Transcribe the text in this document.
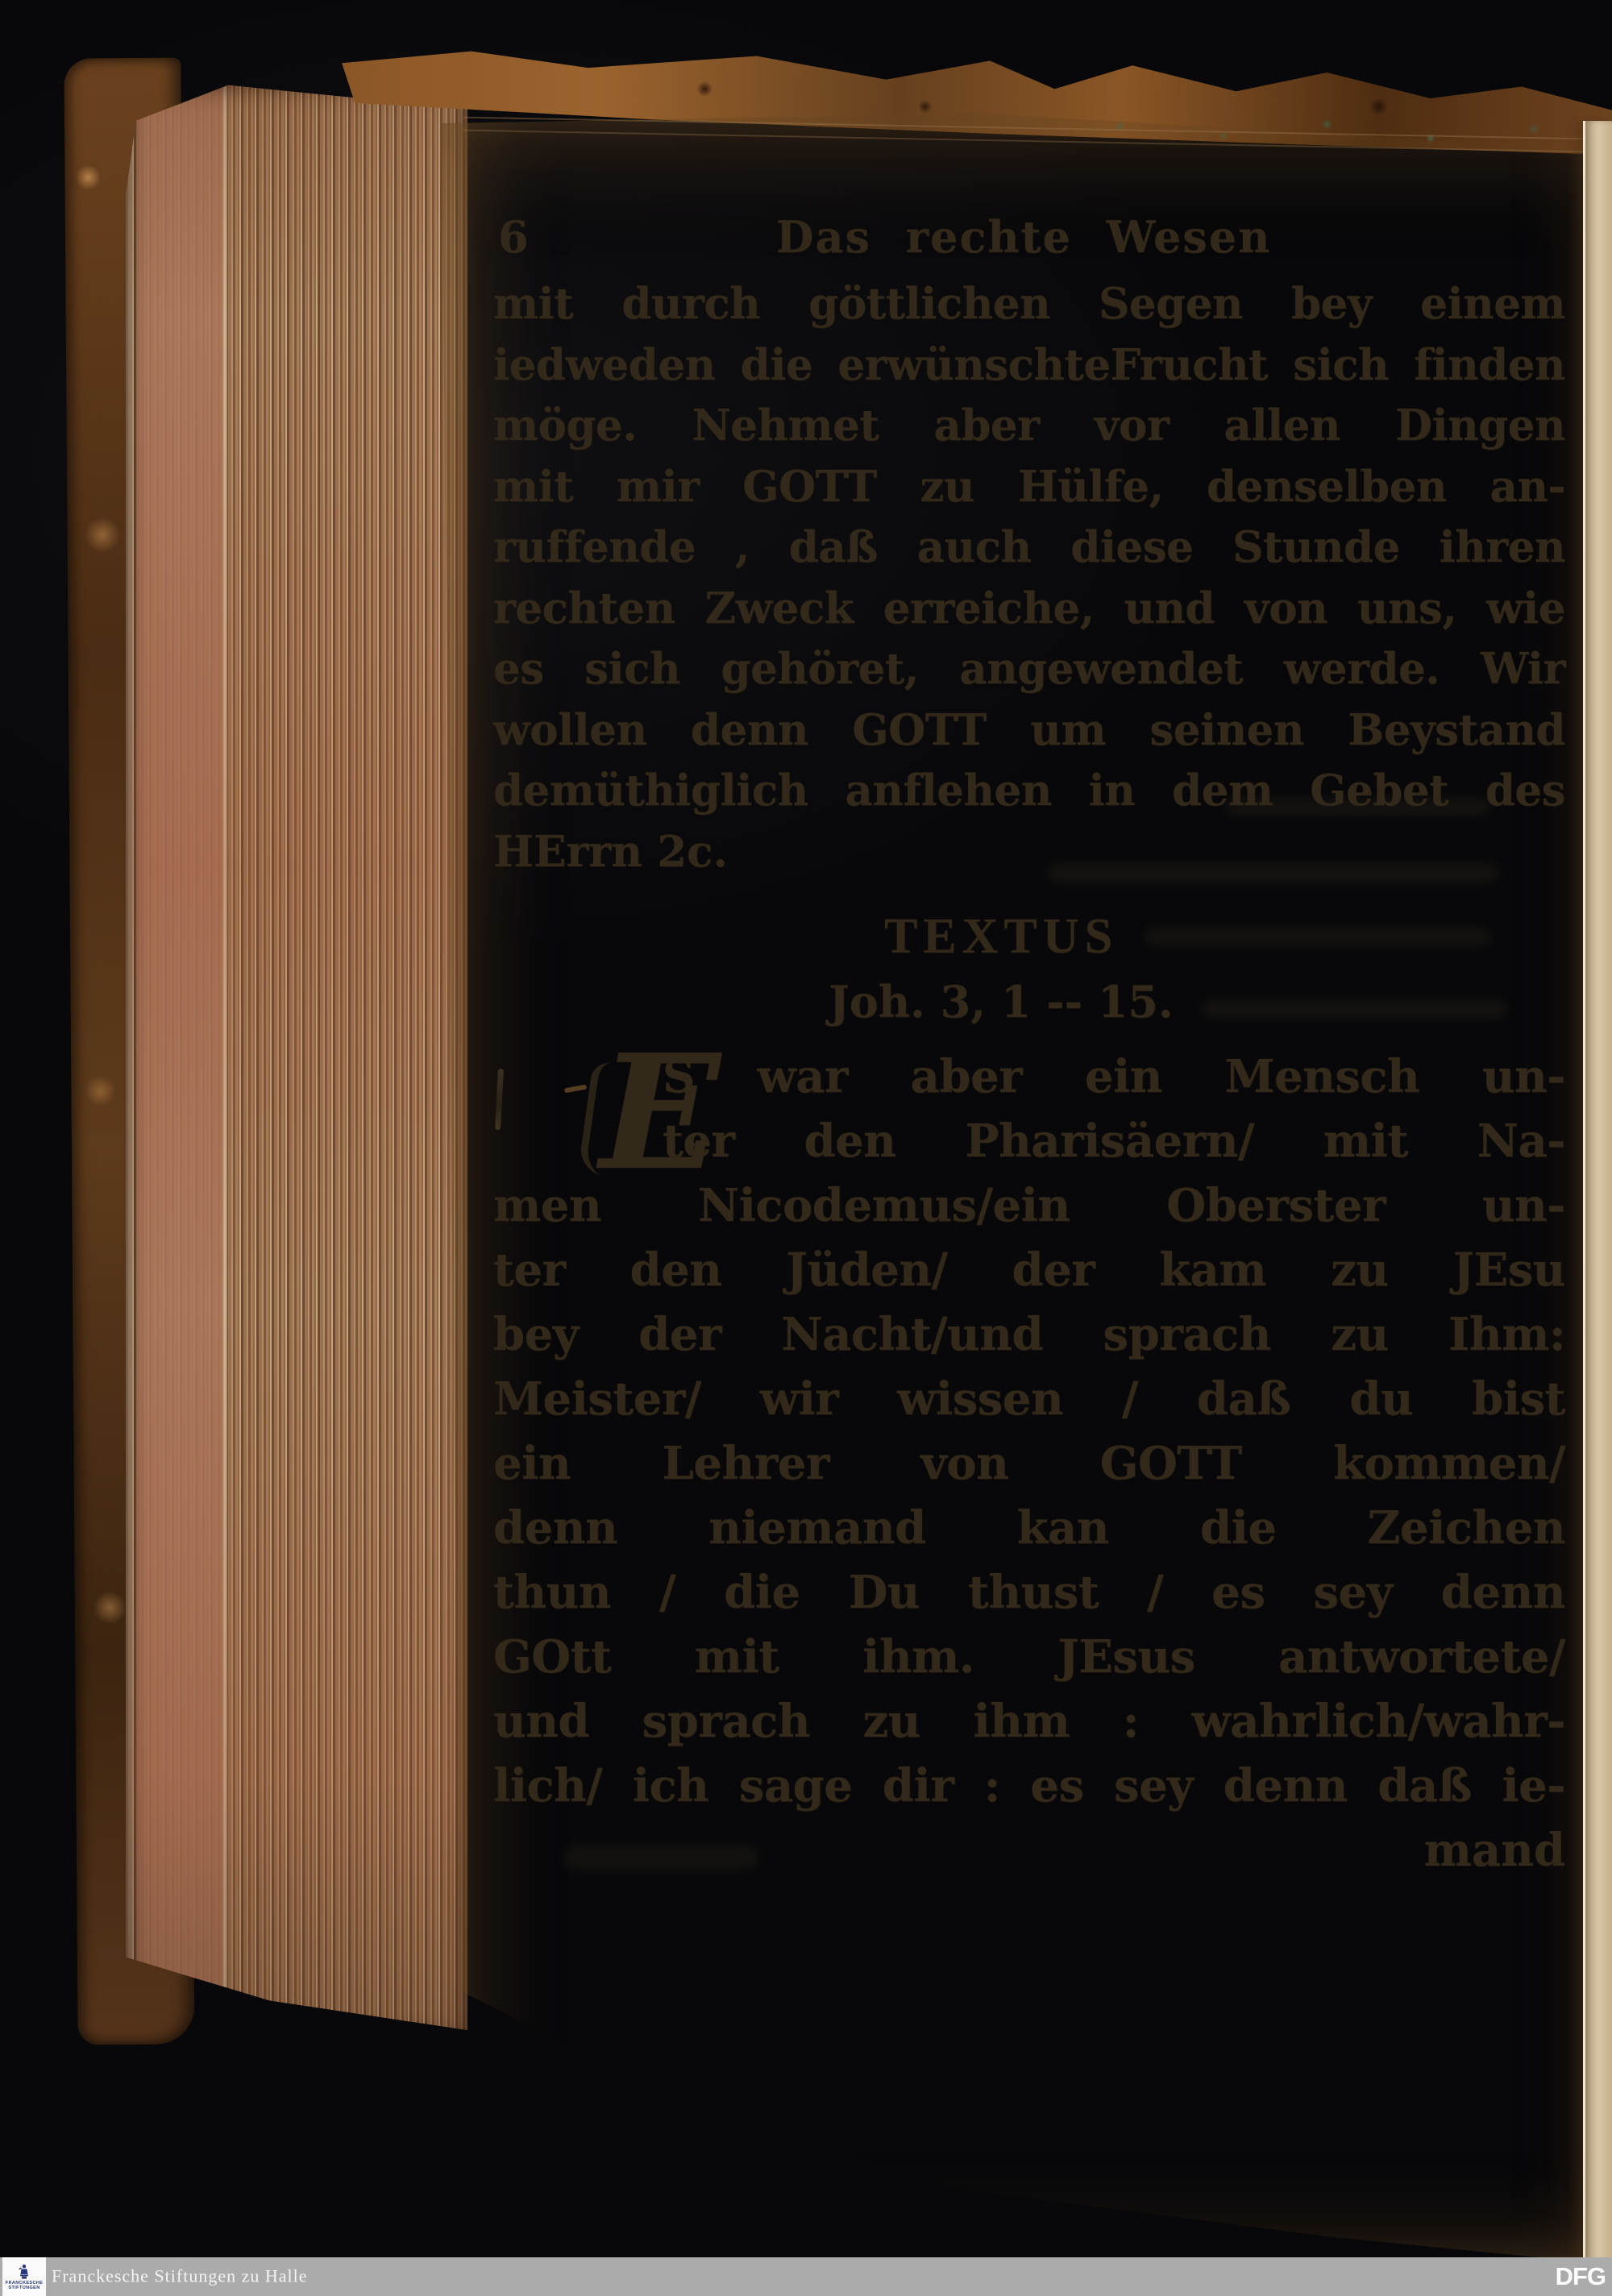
6	Das rechte Wesen
mit durch göttlichen Segen bey einem
iedweden die erwünschteFrucht sich finden
möge. Nehmet aber vor allen Dingen
mit mir GOTT zu Hülfe, denselben an-
ruffende , daß auch diese Stunde ihren
rechten Zweck erreiche, und von uns, wie
es sich gehöret, angewendet werde. Wir
wollen denn GOTT um seinen Beystand
demüthiglich anflehen in dem Gebet des
HErrn 2c.
TEXTUS
Joh. 3, 1 -- 15.
E
S war aber ein Mensch un-
ter den Pharisäern/ mit Na-
men Nicodemus/ein Oberster un-
ter den Jüden/ der kam zu JEsu
bey der Nacht/und sprach zu Ihm:
Meister/ wir wissen / daß du bist
ein Lehrer von GOTT kommen/
denn niemand kan die Zeichen
thun / die Du thust / es sey denn
GOtt mit ihm. JEsus antwortete/
und sprach zu ihm : wahrlich/wahr-
lich/ ich sage dir : es sey denn daß ie-
mand
FRANCKESCHE
STIFTUNGEN
Franckesche Stiftungen zu Halle	DFG
